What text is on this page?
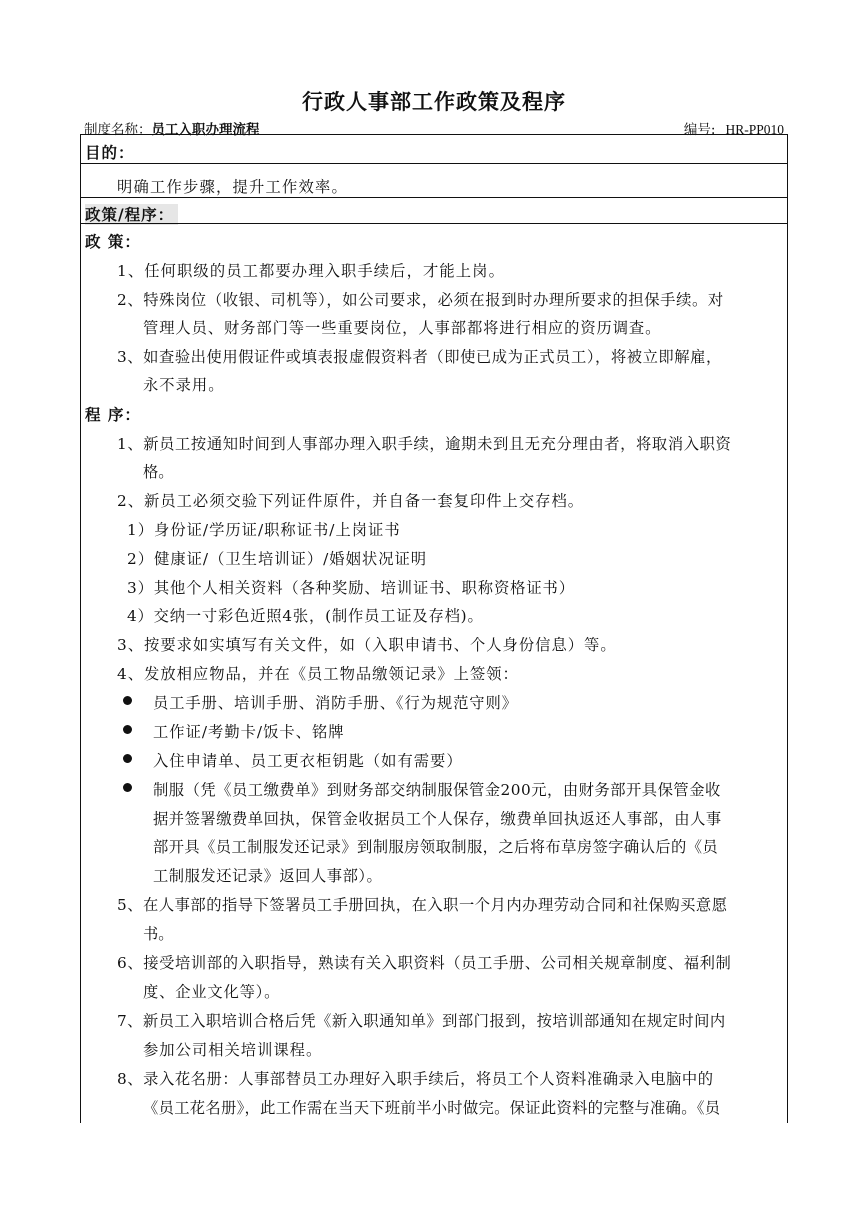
行政人事部工作政策及程序
制度名称：员工入职办理流程	编号: HR-PP010
目的：
明确工作步骤，提升工作效率。
政策/程序：
政 策：
1、任何职级的员工都要办理入职手续后，才能上岗。
2、特殊岗位（收银、司机等），如公司要求，必须在报到时办理所要求的担保手续。对
管理人员、财务部门等一些重要岗位，人事部都将进行相应的资历调查。
3、如查验出使用假证件或填表报虚假资料者（即使已成为正式员工），将被立即解雇，
永不录用。
程 序：
1、新员工按通知时间到人事部办理入职手续，逾期未到且无充分理由者，将取消入职资
格。
2、新员工必须交验下列证件原件，并自备一套复印件上交存档。
1）身份证/学历证/职称证书/上岗证书
2）健康证/（卫生培训证）/婚姻状况证明
3）其他个人相关资料（各种奖励、培训证书、职称资格证书）
4）交纳一寸彩色近照4张，(制作员工证及存档)。
3、按要求如实填写有关文件，如（入职申请书、个人身份信息）等。
4、发放相应物品，并在《员工物品缴领记录》上签领：
员工手册、培训手册、消防手册、《行为规范守则》
工作证/考勤卡/饭卡、铭牌
入住申请单、员工更衣柜钥匙（如有需要）
制服（凭《员工缴费单》到财务部交纳制服保管金200元，由财务部开具保管金收
据并签署缴费单回执，保管金收据员工个人保存，缴费单回执返还人事部，由人事
部开具《员工制服发还记录》到制服房领取制服，之后将布草房签字确认后的《员
工制服发还记录》返回人事部）。
5、在人事部的指导下签署员工手册回执，在入职一个月内办理劳动合同和社保购买意愿
书。
6、接受培训部的入职指导，熟读有关入职资料（员工手册、公司相关规章制度、福利制
度、企业文化等）。
7、新员工入职培训合格后凭《新入职通知单》到部门报到，按培训部通知在规定时间内
参加公司相关培训课程。
8、录入花名册：人事部替员工办理好入职手续后，将员工个人资料准确录入电脑中的
《员工花名册》，此工作需在当天下班前半小时做完。保证此资料的完整与准确。《员
